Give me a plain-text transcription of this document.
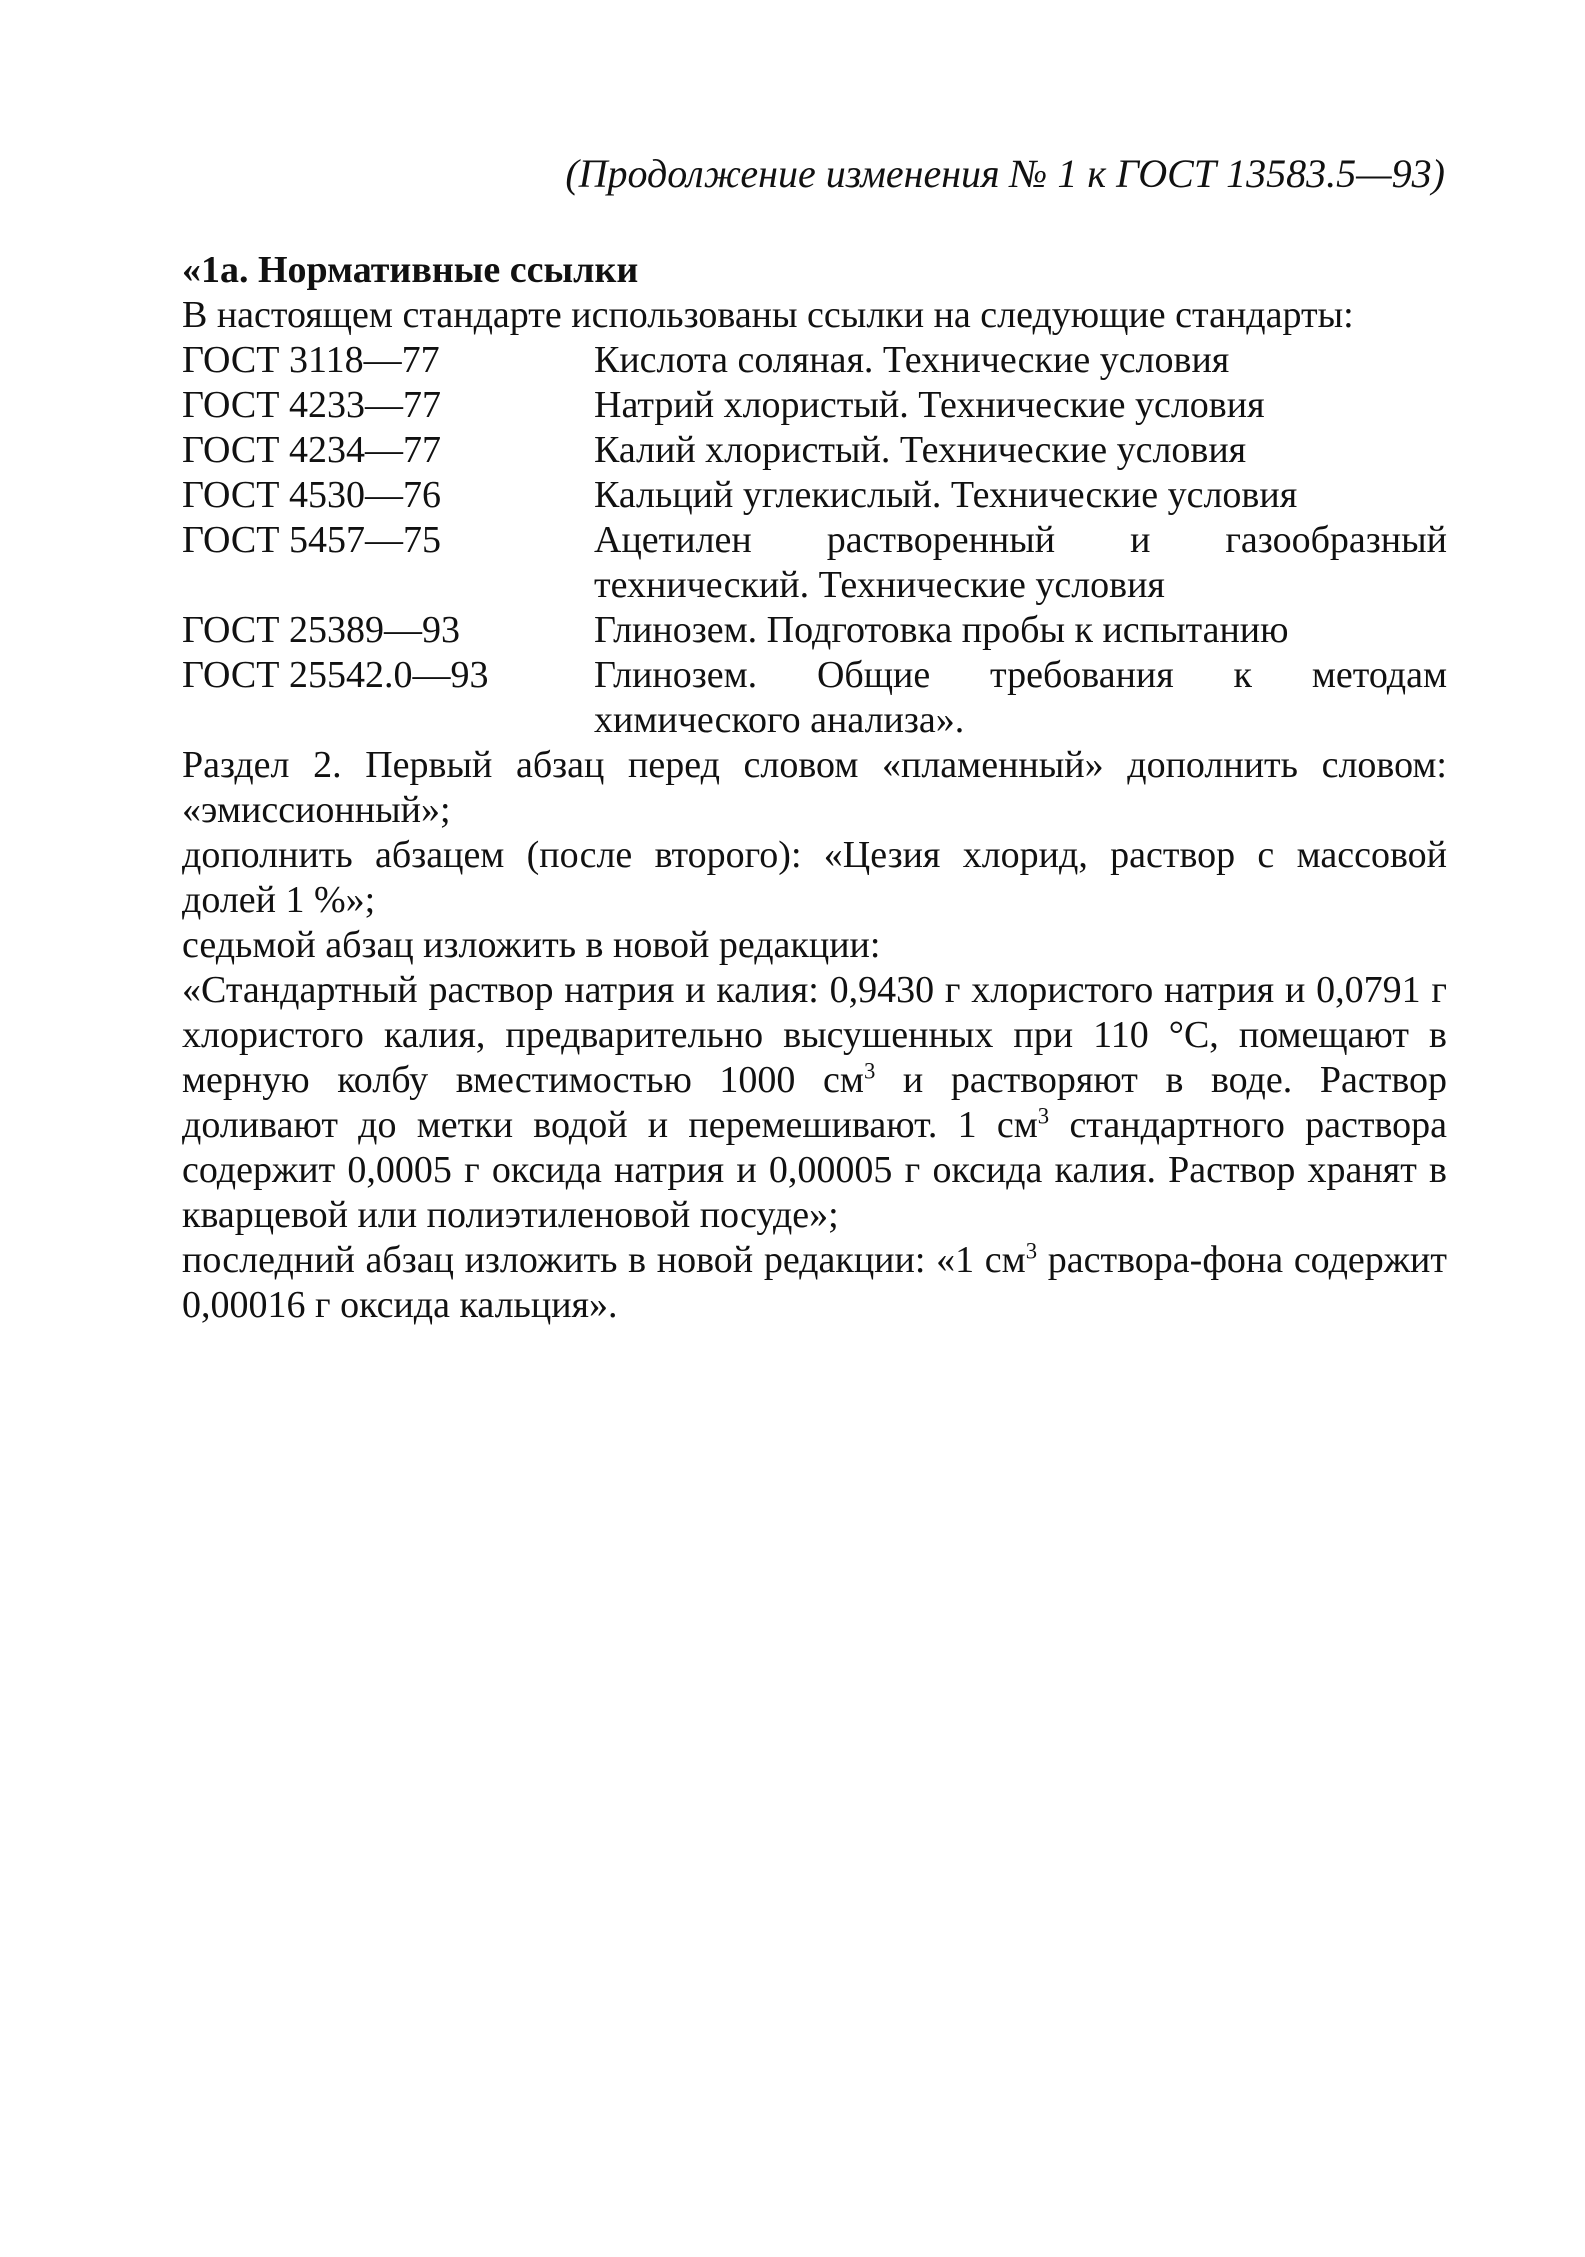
(Продолжение изменения № 1 к ГОСТ 13583.5—93)

«1а. Нормативные ссылки

В настоящем стандарте использованы ссылки на следующие стандарты:

ГОСТ 3118—77	Кислота соляная. Технические условия
ГОСТ 4233—77	Натрий хлористый. Технические условия
ГОСТ 4234—77	Калий хлористый. Технические условия
ГОСТ 4530—76	Кальций углекислый. Технические условия
ГОСТ 5457—75	Ацетилен растворенный и газообразный технический. Технические условия
ГОСТ 25389—93	Глинозем. Подготовка пробы к испытанию
ГОСТ 25542.0—93	Глинозем. Общие требования к методам химического анализа».

Раздел 2. Первый абзац перед словом «пламенный» дополнить словом: «эмиссионный»;

дополнить абзацем (после второго): «Цезия хлорид, раствор с массовой долей 1 %»;

седьмой абзац изложить в новой редакции:

«Стандартный раствор натрия и калия: 0,9430 г хлористого натрия и 0,0791 г хлористого калия, предварительно высушенных при 110 °С, помещают в мерную колбу вместимостью 1000 $см^3$ и растворяют в воде. Раствор доливают до метки водой и перемешивают. 1 $см^3$ стандартного раствора содержит 0,0005 г оксида натрия и 0,00005 г оксида калия. Раствор хранят в кварцевой или полиэтиленовой посуде»;

последний абзац изложить в новой редакции: «1 $см^3$ раствора-фона содержит 0,00016 г оксида кальция».
